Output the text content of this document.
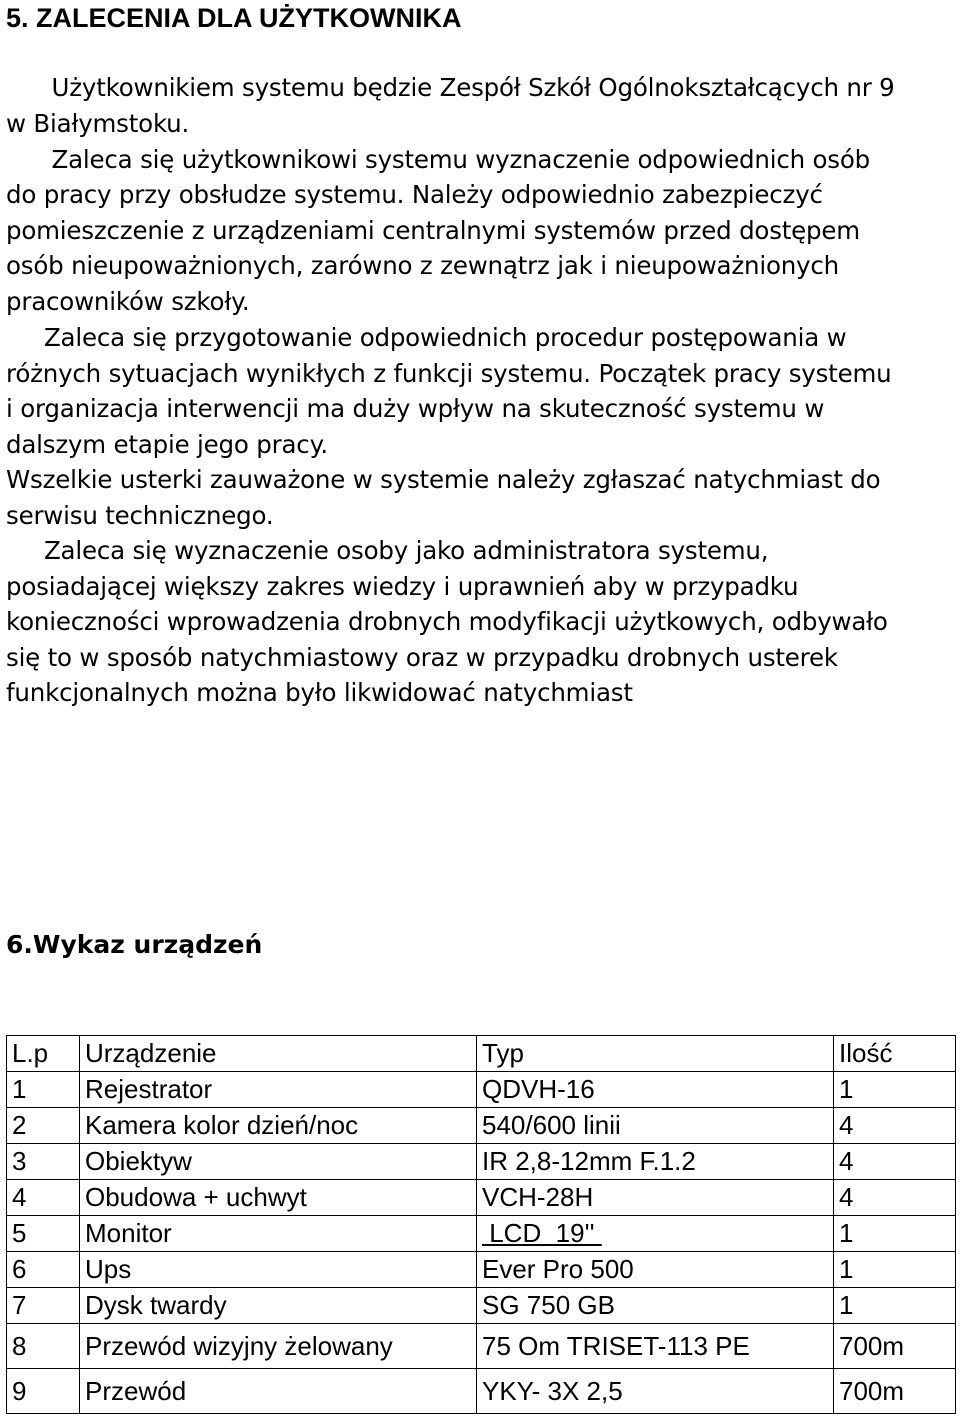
5. ZALECENIA DLA UŻYTKOWNIKA

Użytkownikiem systemu będzie Zespół Szkół Ogólnokształcących nr 9

w Białymstoku.

Zaleca się użytkownikowi systemu wyznaczenie odpowiednich osób

do pracy przy obsłudze systemu. Należy odpowiednio zabezpieczyć

pomieszczenie z urządzeniami centralnymi systemów przed dostępem

osób nieupoważnionych, zarówno z zewnątrz jak i nieupoważnionych

pracowników szkoły.

Zaleca się przygotowanie odpowiednich procedur postępowania w

różnych sytuacjach wynikłych z funkcji systemu. Początek pracy systemu

i organizacja interwencji ma duży wpływ na skuteczność systemu w

dalszym etapie jego pracy.

Wszelkie usterki zauważone w systemie należy zgłaszać natychmiast do

serwisu technicznego.

Zaleca się wyznaczenie osoby jako administratora systemu,

posiadającej większy zakres wiedzy i uprawnień aby w przypadku

konieczności wprowadzenia drobnych modyfikacji użytkowych, odbywało

się to w sposób natychmiastowy oraz w przypadku drobnych usterek

funkcjonalnych można było likwidować natychmiast

6.Wykaz urządzeń
L.p	Urządzenie	Typ	Ilość
1	Rejestrator	QDVH-16	1
2	Kamera kolor dzień/noc	540/600 linii	4
3	Obiektyw	IR 2,8-12mm F.1.2	4
4	Obudowa + uchwyt	VCH-28H	4
5	Monitor	LCD  19''	1
6	Ups	Ever Pro 500	1
7	Dysk twardy	SG 750 GB	1
8	Przewód wizyjny żelowany	75 Om TRISET-113 PE	700m
9	Przewód	YKY- 3X 2,5	700m
